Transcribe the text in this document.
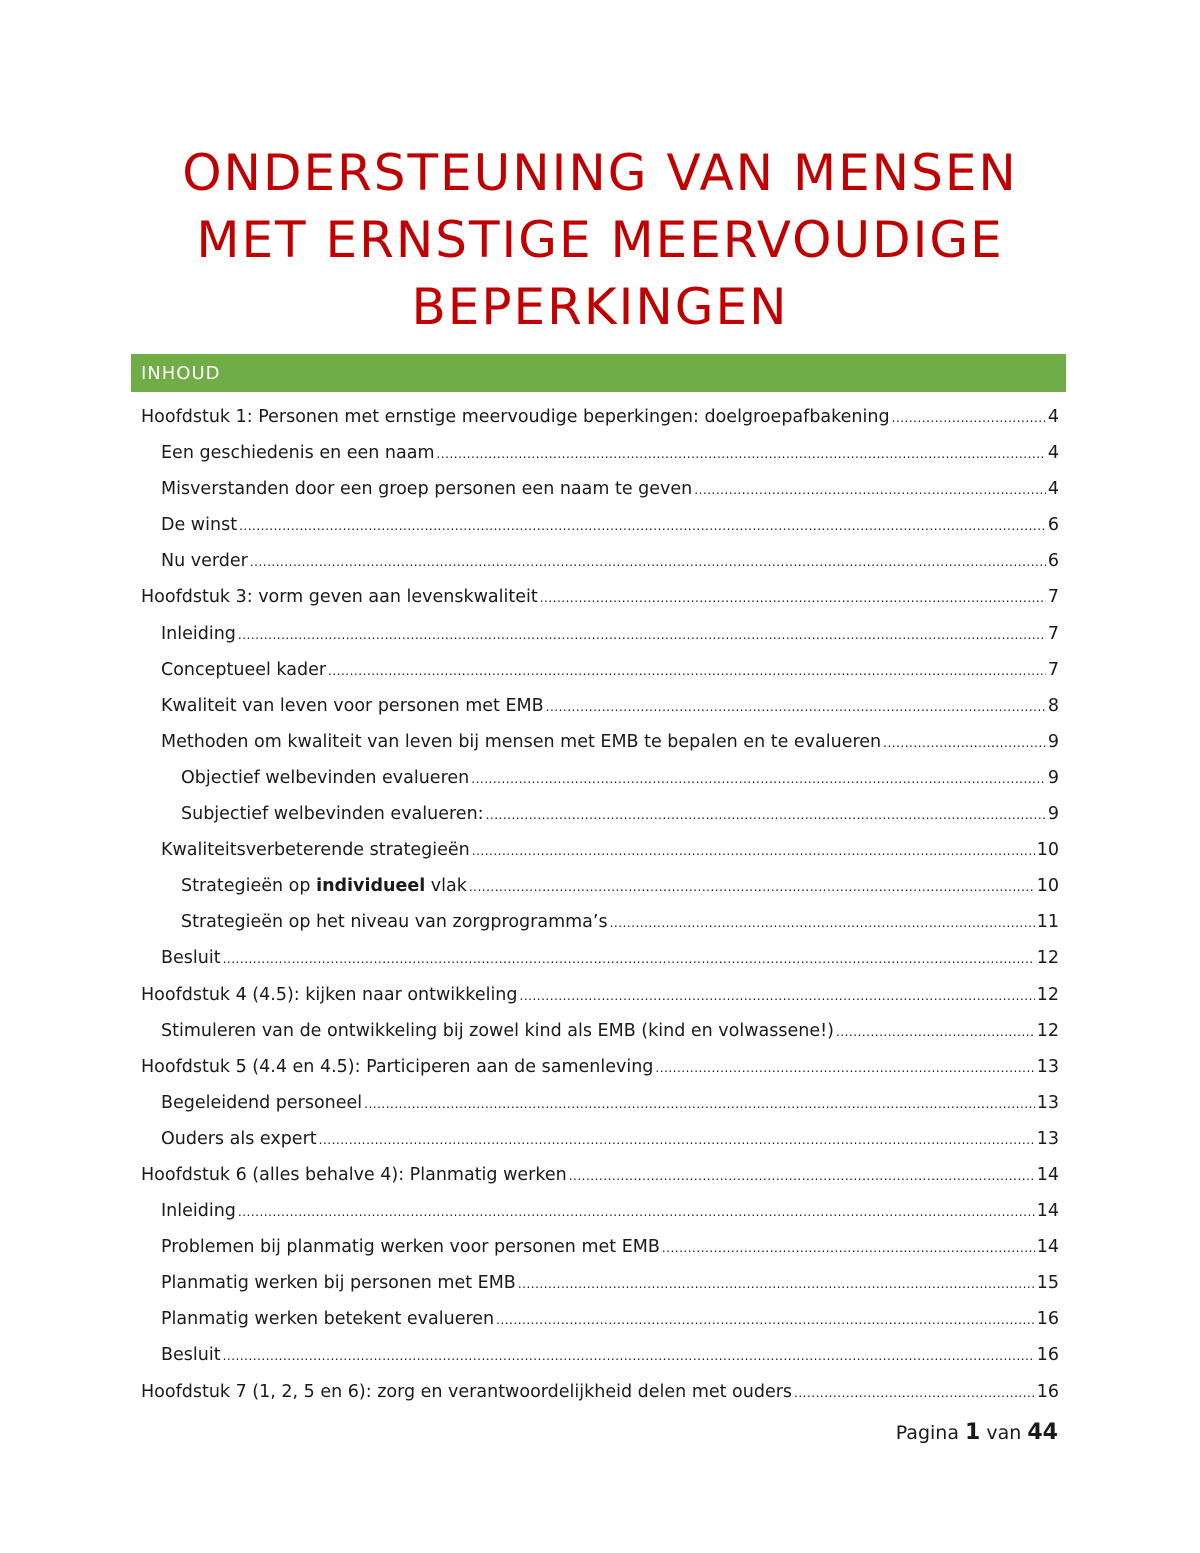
ONDERSTEUNING VAN MENSEN
MET ERNSTIGE MEERVOUDIGE
BEPERKINGEN
INHOUD
Hoofdstuk 1: Personen met ernstige meervoudige beperkingen: doelgroepafbakening .....	4
Een geschiedenis en een naam .....	4
Misverstanden door een groep personen een naam te geven .....	4
De winst .....	6
Nu verder .....	6
Hoofdstuk 3: vorm geven aan levenskwaliteit .....	7
Inleiding .....	7
Conceptueel kader .....	7
Kwaliteit van leven voor personen met EMB .....	8
Methoden om kwaliteit van leven bij mensen met EMB te bepalen en te evalueren .....	9
Objectief welbevinden evalueren .....	9
Subjectief welbevinden evalueren: .....	9
Kwaliteitsverbeterende strategieën .....	10
Strategieën op individueel vlak .....	10
Strategieën op het niveau van zorgprogramma’s .....	11
Besluit .....	12
Hoofdstuk 4 (4.5): kijken naar ontwikkeling .....	12
Stimuleren van de ontwikkeling bij zowel kind als EMB (kind en volwassene!) .....	12
Hoofdstuk 5 (4.4 en 4.5): Participeren aan de samenleving .....	13
Begeleidend personeel .....	13
Ouders als expert .....	13
Hoofdstuk 6 (alles behalve 4): Planmatig werken .....	14
Inleiding .....	14
Problemen bij planmatig werken voor personen met EMB .....	14
Planmatig werken bij personen met EMB .....	15
Planmatig werken betekent evalueren .....	16
Besluit .....	16
Hoofdstuk 7 (1, 2, 5 en 6): zorg en verantwoordelijkheid delen met ouders .....	16
Pagina 1 van 44
